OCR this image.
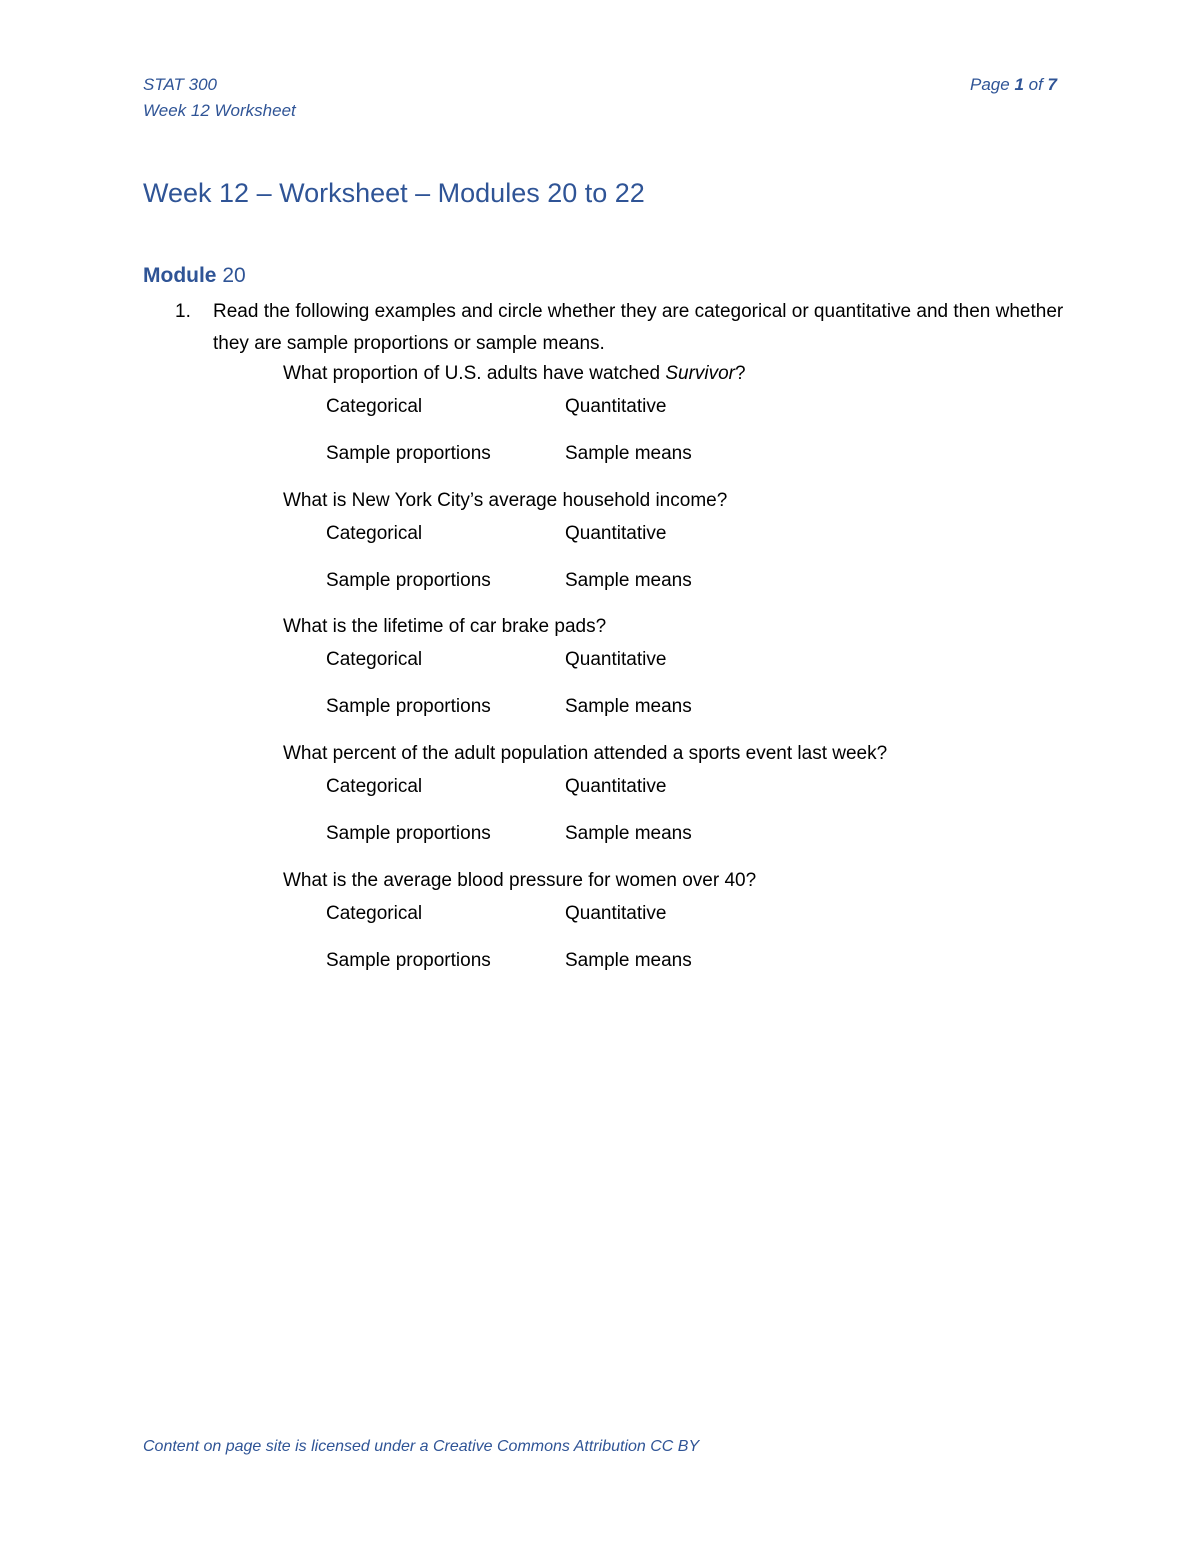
STAT 300
Week 12 Worksheet
Page 1 of 7
Week 12 – Worksheet – Modules 20 to 22
Module 20
1. Read the following examples and circle whether they are categorical or quantitative and then whether they are sample proportions or sample means.
What proportion of U.S. adults have watched Survivor?
Categorical	Quantitative
Sample proportions	Sample means
What is New York City’s average household income?
Categorical	Quantitative
Sample proportions	Sample means
What is the lifetime of car brake pads?
Categorical	Quantitative
Sample proportions	Sample means
What percent of the adult population attended a sports event last week?
Categorical	Quantitative
Sample proportions	Sample means
What is the average blood pressure for women over 40?
Categorical	Quantitative
Sample proportions	Sample means
Content on page site is licensed under a Creative Commons Attribution CC BY
